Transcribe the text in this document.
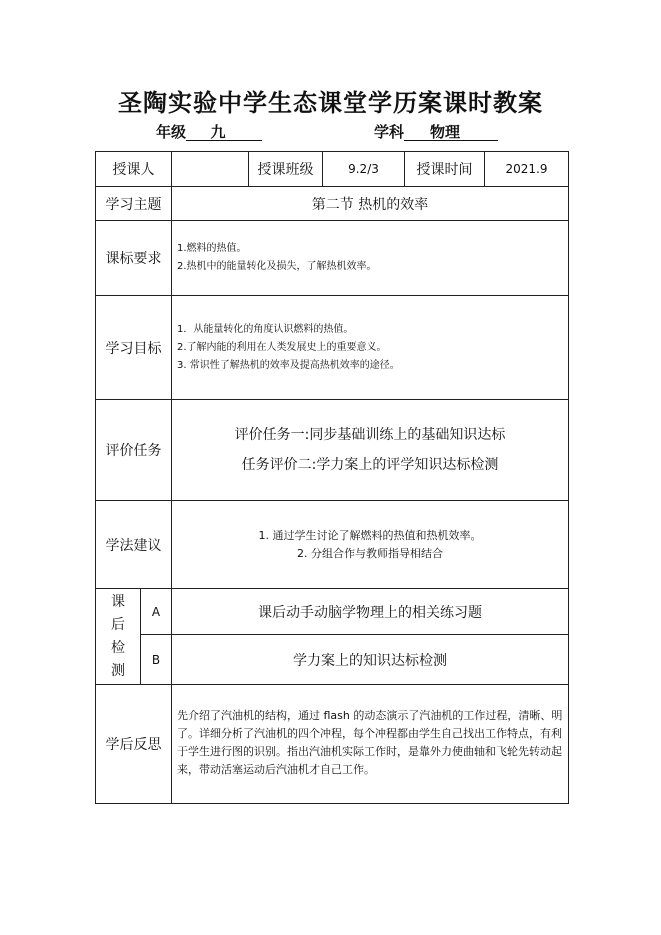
圣陶实验中学生态课堂学历案课时教案
年级 九	学科 物理
授课人			授课班级	9.2/3	授课时间	2021.9
学习主题		第二节 热机的效率				
课标要求		1.燃料的热值。
2.热机中的能量转化及损失，了解热机效率。				

学习目标		1．从能量转化的角度认识燃料的热值。
2.了解内能的利用在人类发展史上的重要意义。
3. 常识性了解热机的效率及提高热机效率的途径。				

评价任务		评价任务一:同步基础训练上的基础知识达标
任务评价二:学力案上的评学知识达标检测				

学法建议		1. 通过学生讨论了解燃料的热值和热机效率。
2. 分组合作与教师指导相结合				

课
后
检
测	A	课后动手动脑学物理上的相关练习题				
	B	学力案上的知识达标检测				
学后反思		先介绍了汽油机的结构，通过 flash 的动态演示了汽油机的工作过程，清晰、明了。详细分析了汽油机的四个冲程，每个冲程都由学生自己找出工作特点，有利于学生进行图的识别。指出汽油机实际工作时，是靠外力使曲轴和飞轮先转动起来，带动活塞运动后汽油机才自己工作。				
